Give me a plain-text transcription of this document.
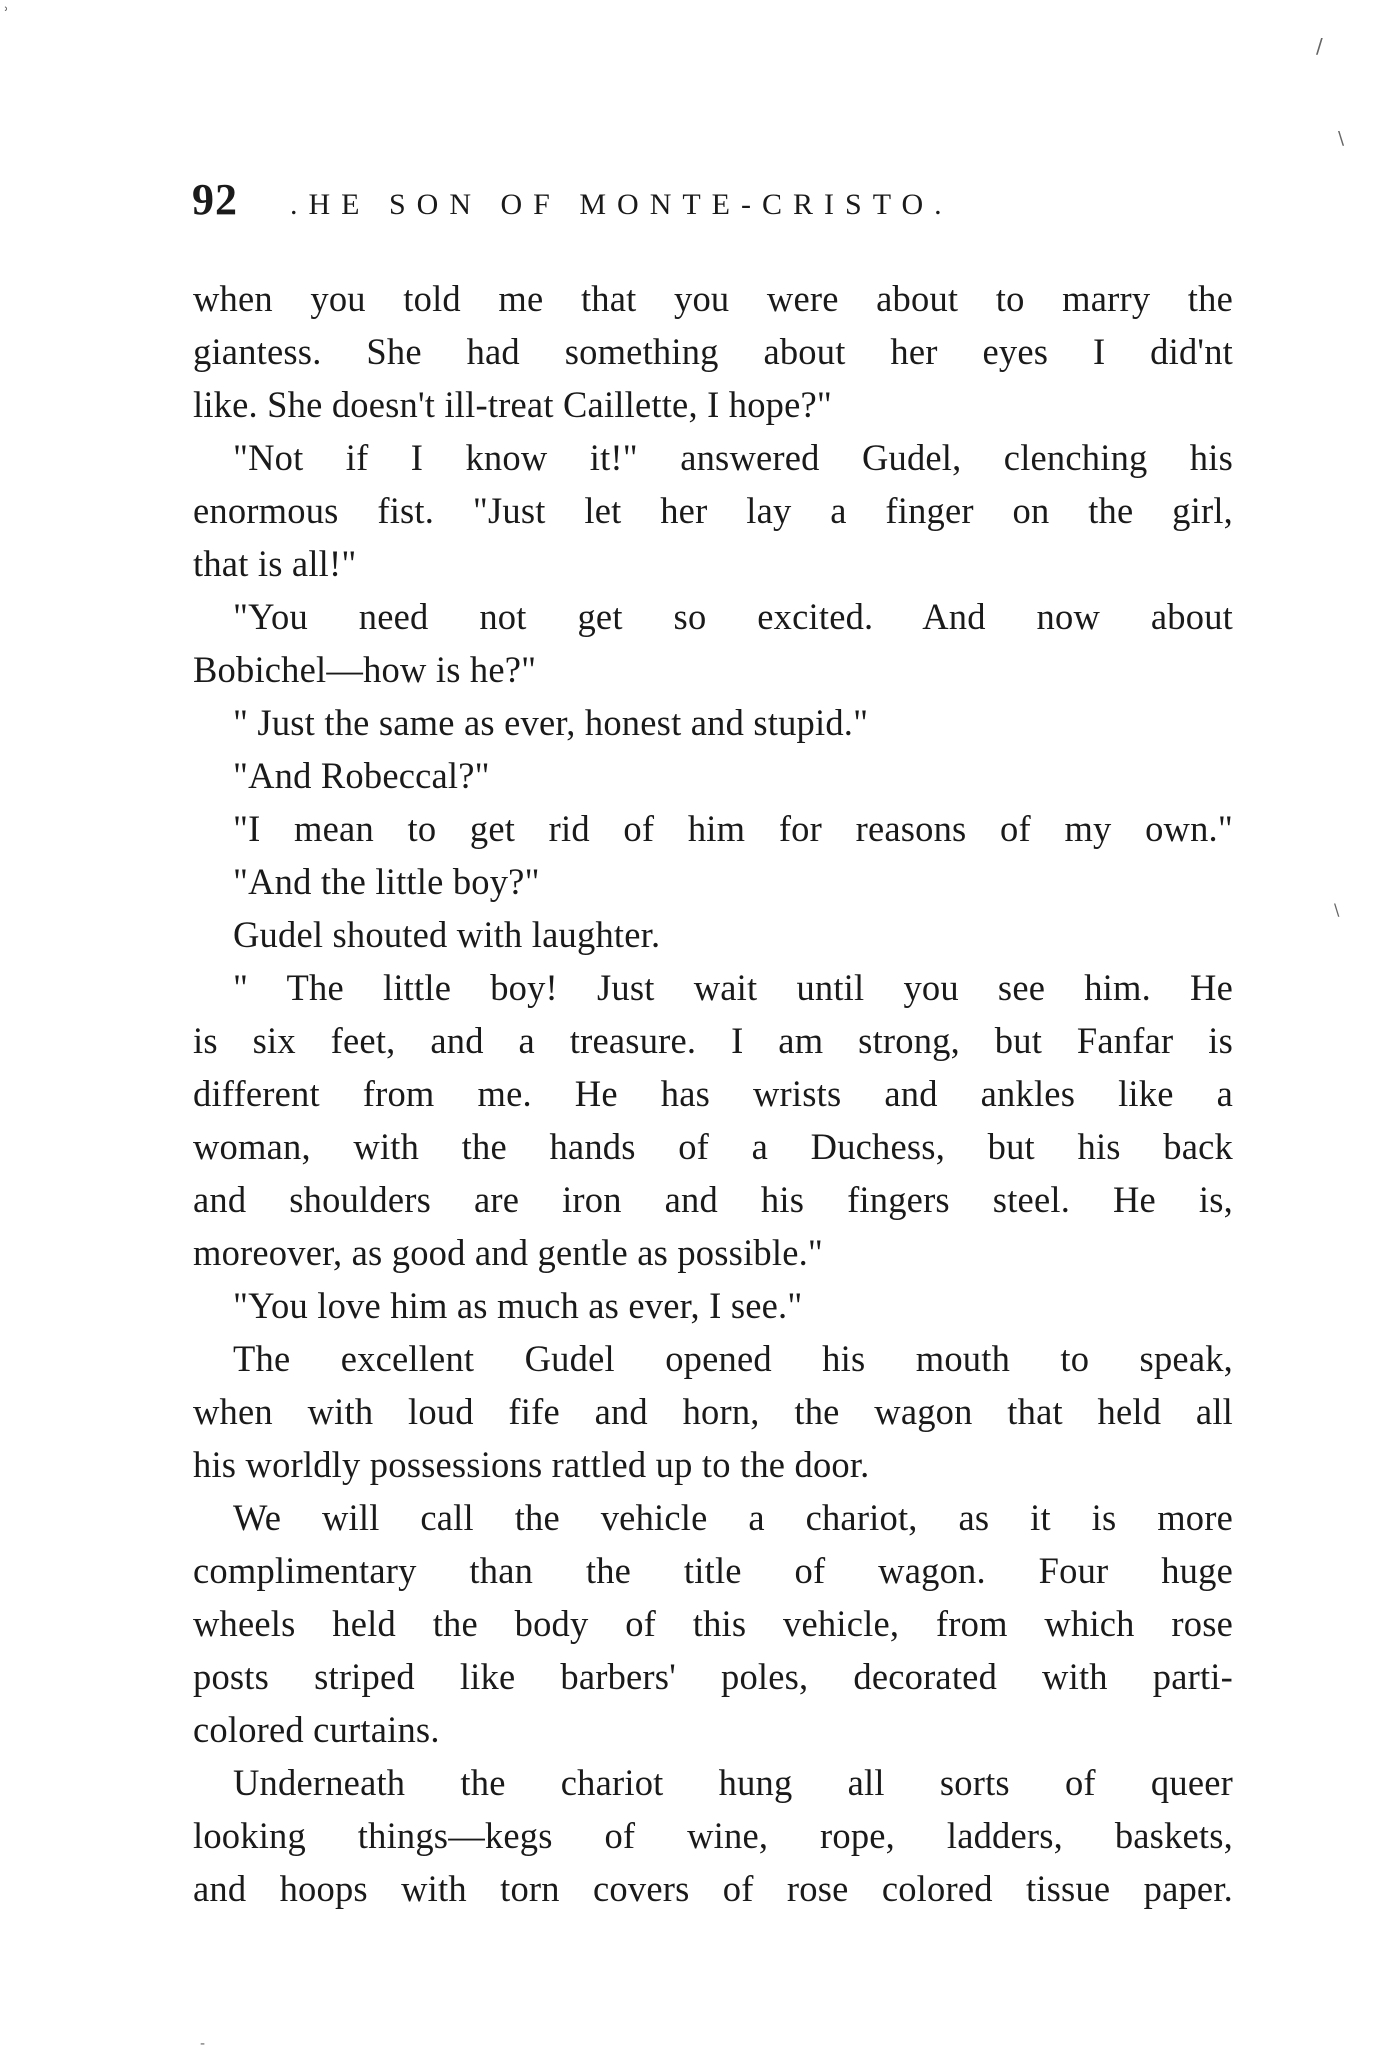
92 .HE SON OF MONTE-CRISTO.
when you told me that you were about to marry the
giantess. She had something about her eyes I did'nt
like. She doesn't ill-treat Caillette, I hope?"
"Not if I know it!" answered Gudel, clenching his
enormous fist. "Just let her lay a finger on the girl,
that is all!"
"You need not get so excited. And now about
Bobichel—how is he?"
" Just the same as ever, honest and stupid."
"And Robeccal?"
"I mean to get rid of him for reasons of my own."
"And the little boy?"
Gudel shouted with laughter.
" The little boy! Just wait until you see him. He
is six feet, and a treasure. I am strong, but Fanfar is
different from me. He has wrists and ankles like a
woman, with the hands of a Duchess, but his back
and shoulders are iron and his fingers steel. He is,
moreover, as good and gentle as possible."
"You love him as much as ever, I see."
The excellent Gudel opened his mouth to speak,
when with loud fife and horn, the wagon that held all
his worldly possessions rattled up to the door.
We will call the vehicle a chariot, as it is more
complimentary than the title of wagon. Four huge
wheels held the body of this vehicle, from which rose
posts striped like barbers' poles, decorated with parti-
colored curtains.
Underneath the chariot hung all sorts of queer
looking things—kegs of wine, rope, ladders, baskets,
and hoops with torn covers of rose colored tissue paper.
˒
/
\
\
-
